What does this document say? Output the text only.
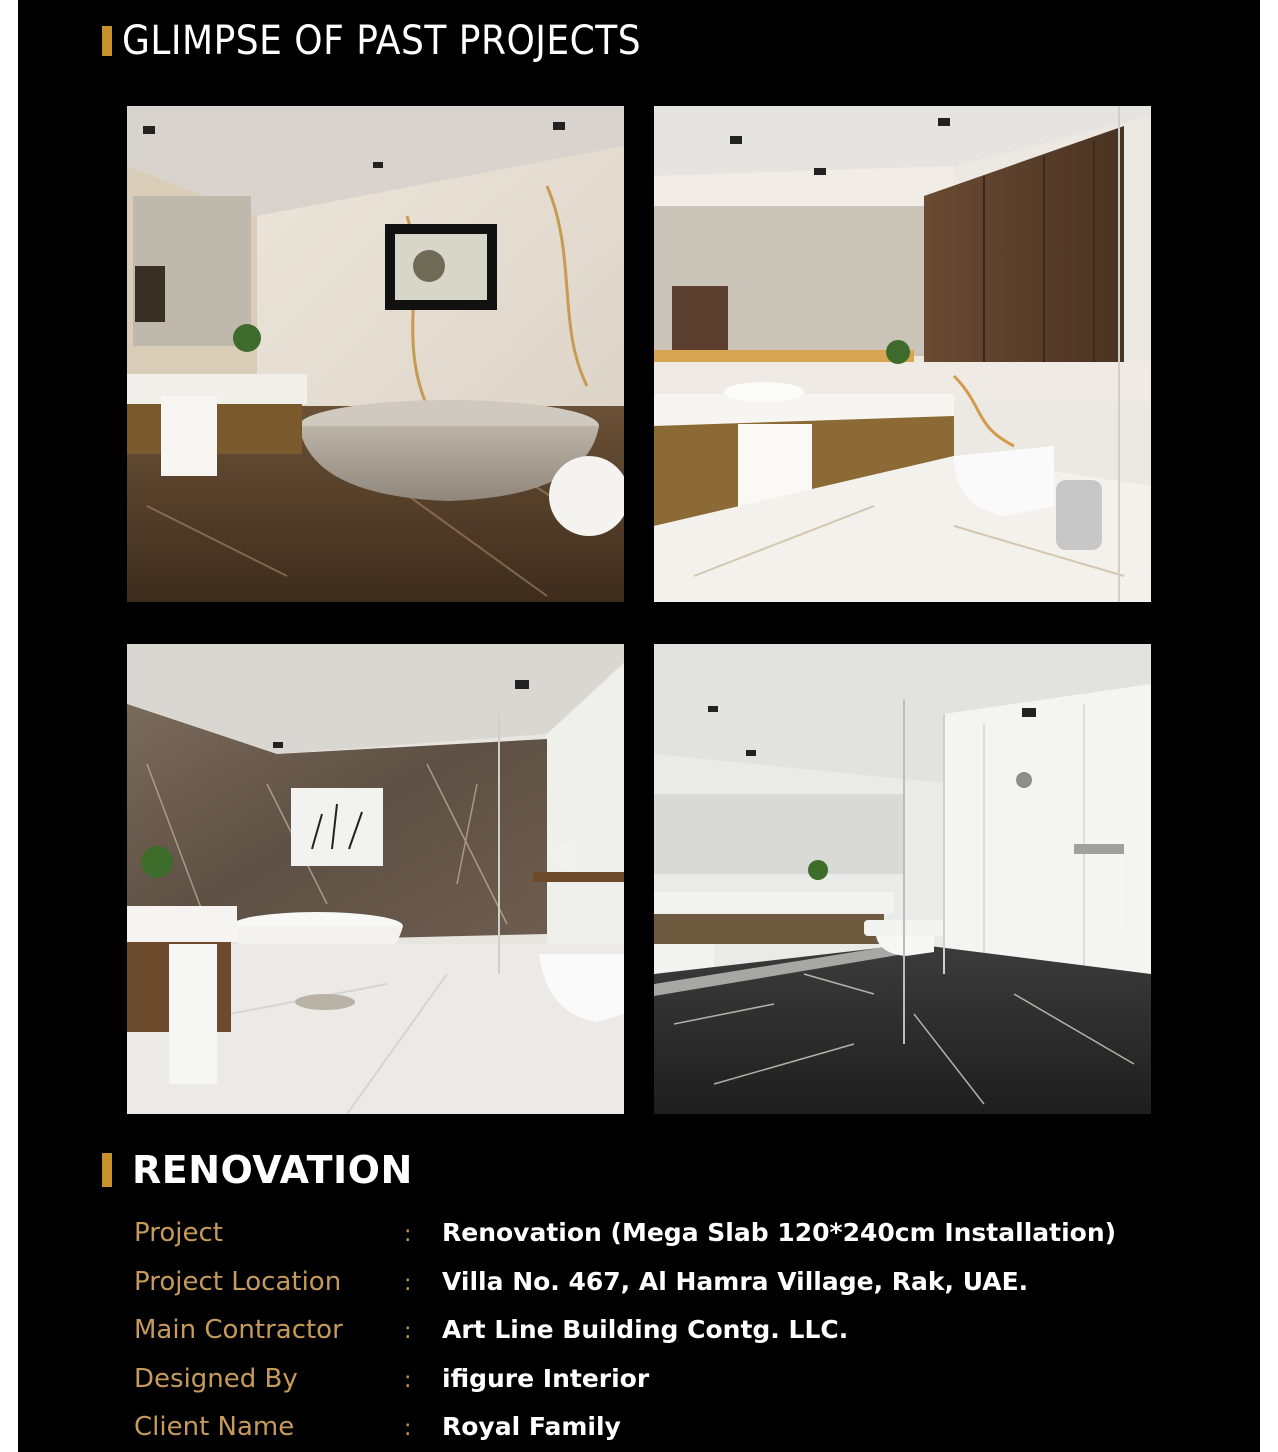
GLIMPSE OF PAST PROJECTS
RENOVATION
Project	: Renovation (Mega Slab 120*240cm Installation)
Project Location	: Villa No. 467, Al Hamra Village, Rak, UAE.
Main Contractor	: Art Line Building Contg. LLC.
Designed By	: ifigure Interior
Client Name	: Royal Family
